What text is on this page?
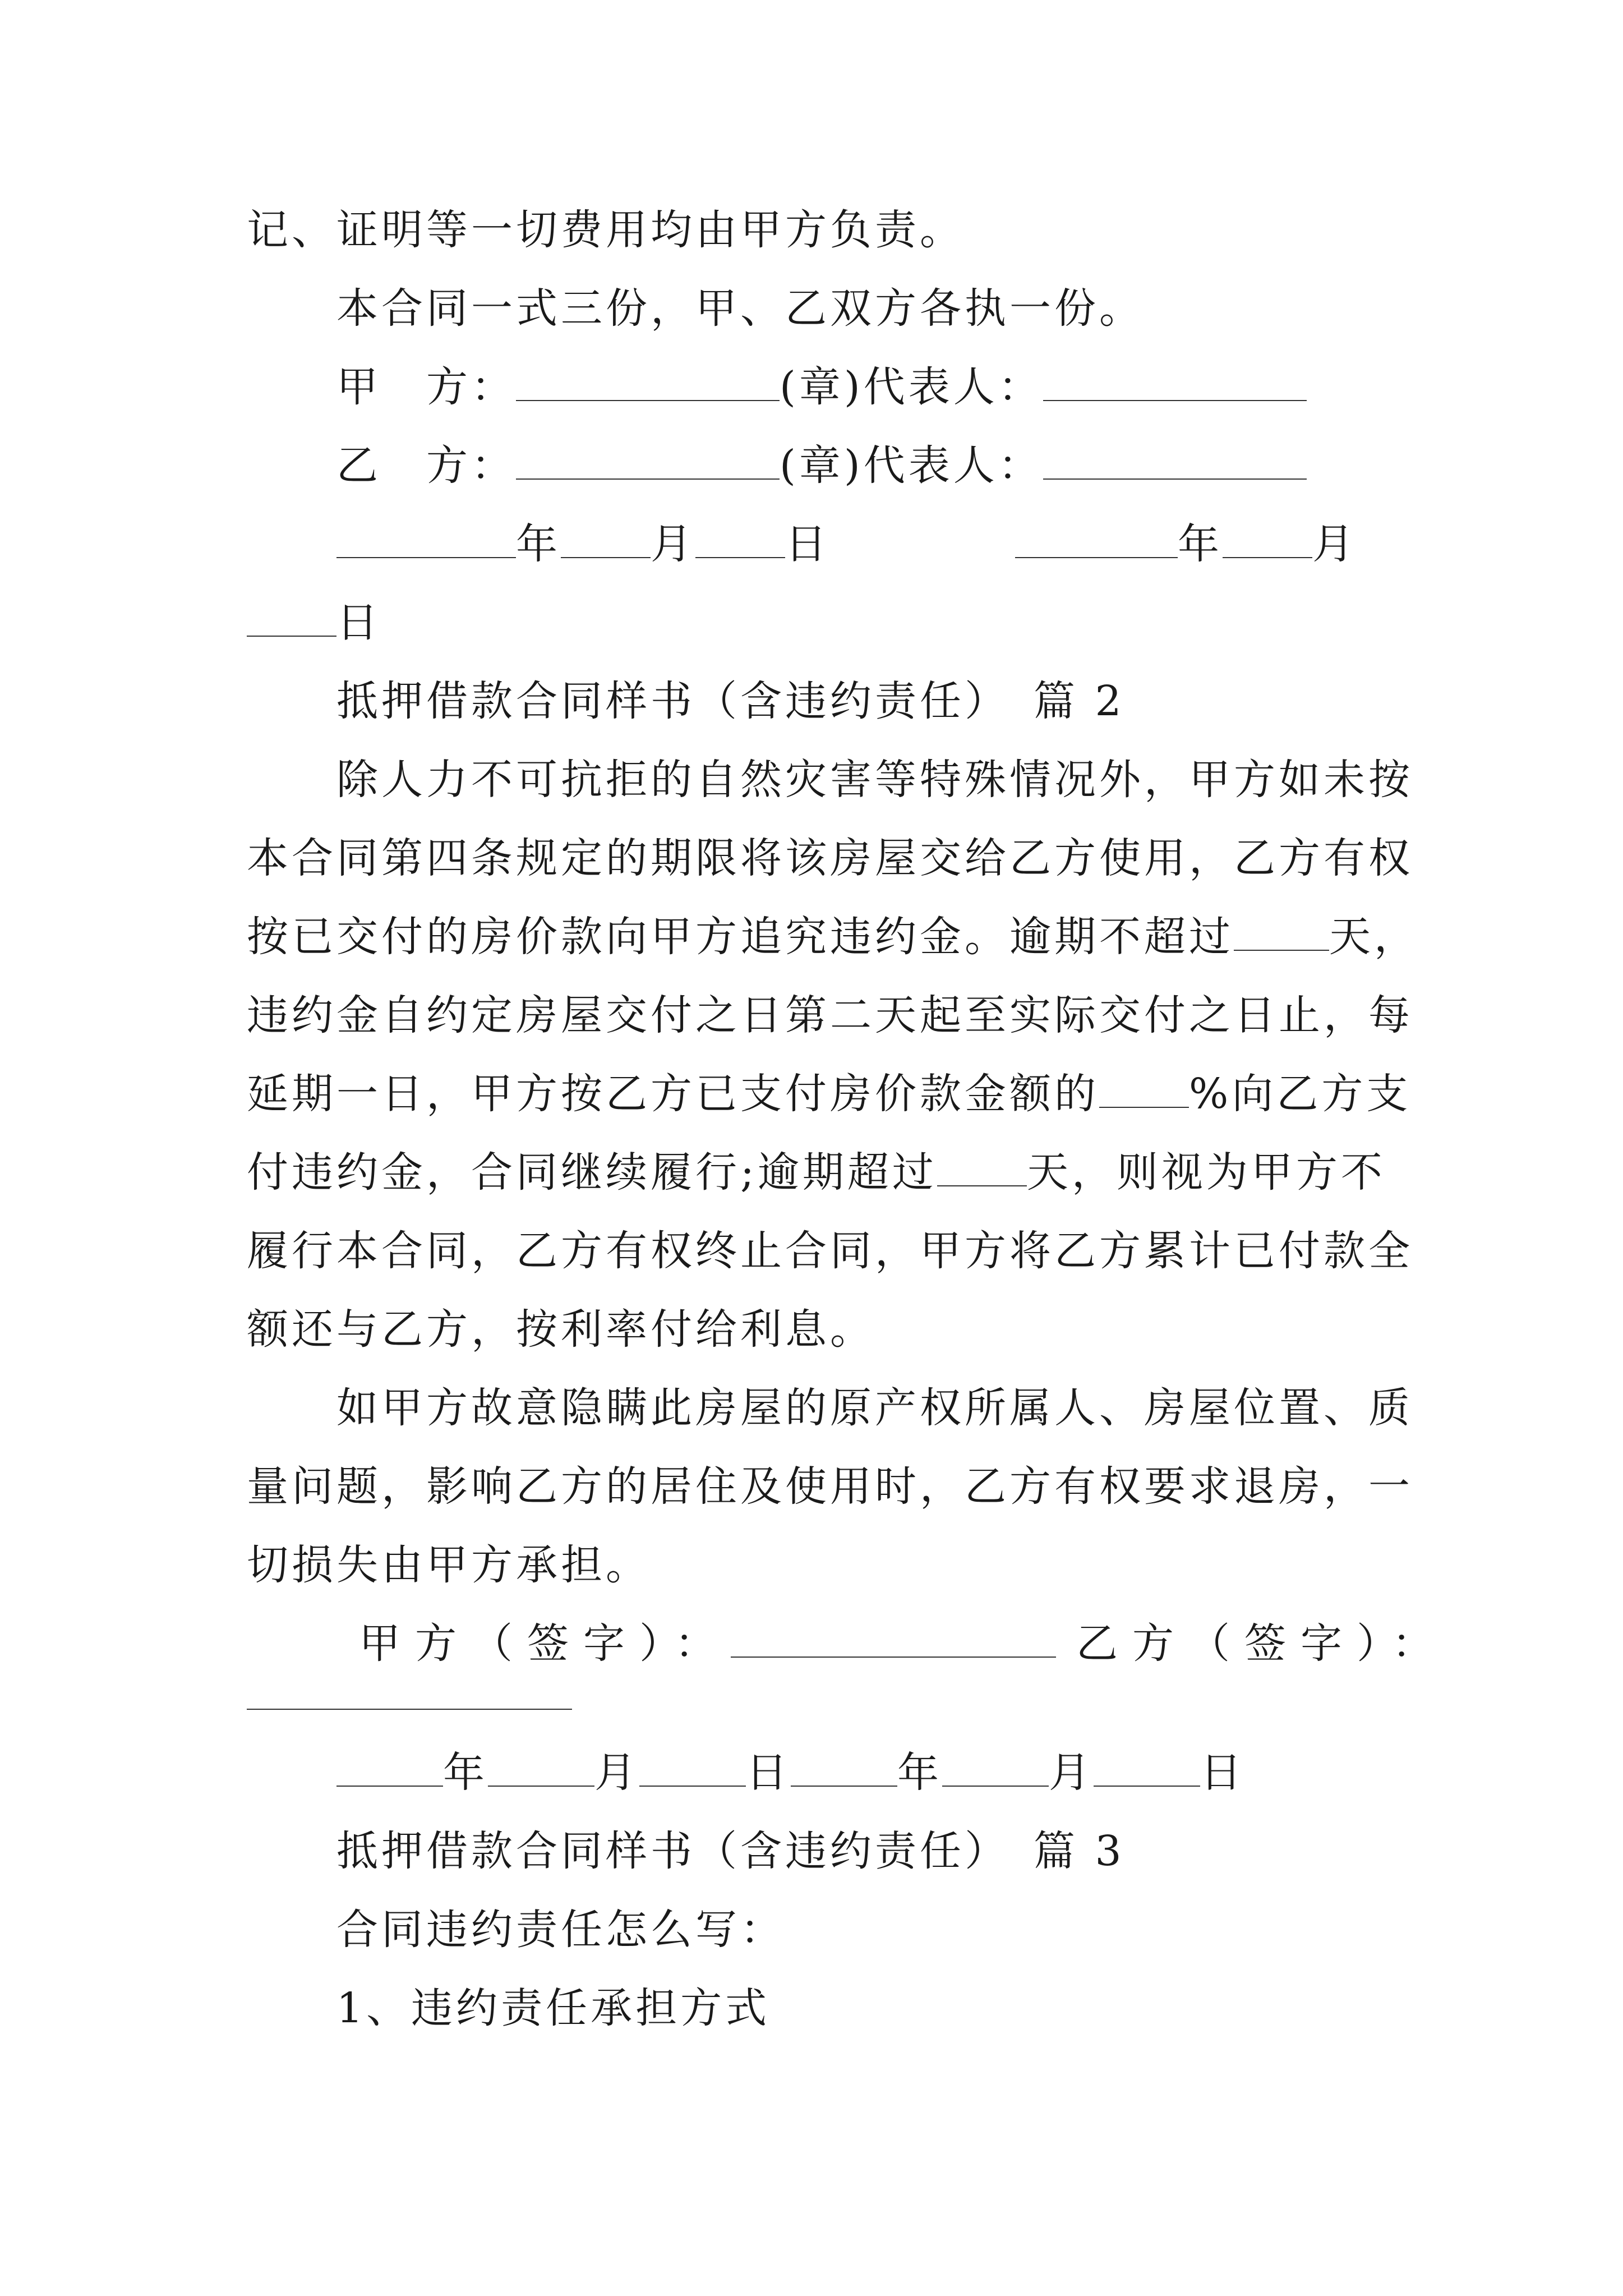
记、证明等一切费用均由甲方负责。
本合同一式三份，甲、乙双方各执一份。
甲　方：	(章)代表人：
乙　方：	(章)代表人：
年 月 日	年 月
日
抵押借款合同样书（含违约责任）　篇 2
除人力不可抗拒的自然灾害等特殊情况外，甲方如未按
本合同第四条规定的期限将该房屋交给乙方使用，乙方有权
按已交付的房价款向甲方追究违约金。逾期不超过 天，
违约金自约定房屋交付之日第二天起至实际交付之日止，每
延期一日，甲方按乙方已支付房价款金额的 %向乙方支
付违约金，合同继续履行;逾期超过 天，则视为甲方不
履行本合同，乙方有权终止合同，甲方将乙方累计已付款全
额还与乙方，按利率付给利息。
如甲方故意隐瞒此房屋的原产权所属人、房屋位置、质
量问题，影响乙方的居住及使用时，乙方有权要求退房，一
切损失由甲方承担。
甲方（签字）：	乙方（签字）：
年	月	日	年	月	日
抵押借款合同样书（含违约责任）　篇 3
合同违约责任怎么写：
1、违约责任承担方式
